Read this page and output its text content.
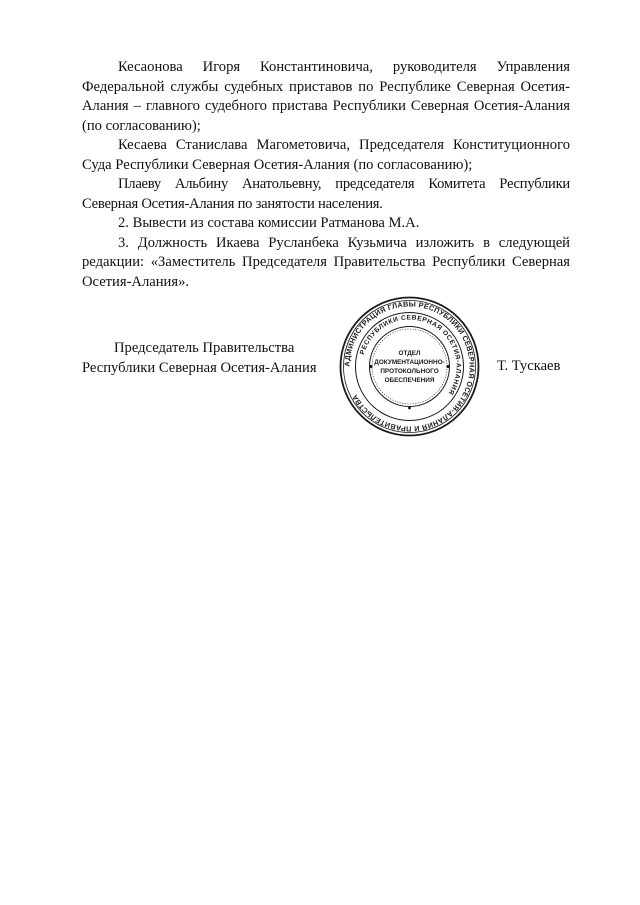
Кесаонова Игоря Константиновича, руководителя Управления Федеральной службы судебных приставов по Республике Северная Осетия-Алания – главного судебного пристава Республики Северная Осетия-Алания (по согласованию);

Кесаева Станислава Магометовича, Председателя Конституционного Суда Республики Северная Осетия-Алания (по согласованию);

Плаеву Альбину Анатольевну, председателя Комитета Республики Северная Осетия-Алания по занятости населения.

2. Вывести из состава комиссии Ратманова М.А.

3. Должность Икаева Русланбека Кузьмича изложить в следующей редакции: «Заместитель Председателя Правительства Республики Северная Осетия-Алания».

Председатель Правительства
Республики Северная Осетия-Алания	АДМИНИСТРАЦИЯ ГЛАВЫ РЕСПУБЛИКИ СЕВЕРНАЯ ОСЕТИЯ-АЛАНИЯ И ПРАВИТЕЛЬСТВА
РЕСПУБЛИКИ СЕВЕРНАЯ ОСЕТИЯ-АЛАНИЯ
ОТДЕЛ
ДОКУМЕНТАЦИОННО-
ПРОТОКОЛЬНОГО
ОБЕСПЕЧЕНИЯ
Т. Тускаев
